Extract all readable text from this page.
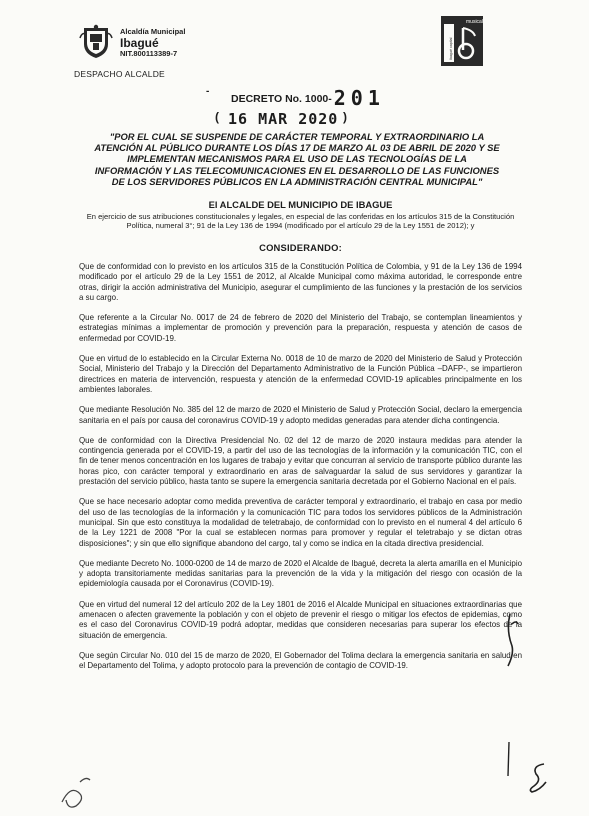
Alcaldía Municipal
Ibagué
NIT.800113389-7
DESPACHO ALCALDE
musical
Ibagué capital
-
DECRETO No. 1000- 201
( 16 MAR 2020 )
"POR EL CUAL SE SUSPENDE DE CARÁCTER TEMPORAL Y EXTRAORDINARIO LA ATENCIÓN AL PÚBLICO DURANTE LOS DÍAS 17 DE MARZO AL 03 DE ABRIL DE 2020 Y SE IMPLEMENTAN MECANISMOS PARA EL USO DE LAS TECNOLOGÍAS DE LA INFORMACIÓN Y LAS TELECOMUNICACIONES EN EL DESARROLLO DE LAS FUNCIONES DE LOS SERVIDORES PÚBLICOS EN LA ADMINISTRACIÓN CENTRAL MUNICIPAL"
El ALCALDE DEL MUNICIPIO DE IBAGUE
En ejercicio de sus atribuciones constitucionales y legales, en especial de las conferidas en los artículos 315 de la Constitución Política, numeral 3°; 91 de la Ley 136 de 1994 (modificado por el artículo 29 de la Ley 1551 de 2012); y
CONSIDERANDO:

Que de conformidad con lo previsto en los artículos 315 de la Constitución Política de Colombia, y 91 de la Ley 136 de 1994 modificado por el artículo 29 de la Ley 1551 de 2012, al Alcalde Municipal como máxima autoridad, le corresponde entre otras, dirigir la acción administrativa del Municipio, asegurar el cumplimiento de las funciones y la prestación de los servicios a su cargo.

Que referente a la Circular No. 0017 de 24 de febrero de 2020 del Ministerio del Trabajo, se contemplan lineamientos y estrategias mínimas a implementar de promoción y prevención para la preparación, respuesta y atención de casos de enfermedad por COVID-19.

Que en virtud de lo establecido en la Circular Externa No. 0018 de 10 de marzo de 2020 del Ministerio de Salud y Protección Social, Ministerio del Trabajo y la Dirección del Departamento Administrativo de la Función Pública –DAFP-, se impartieron directrices en materia de intervención, respuesta y atención de la enfermedad COVID-19 aplicables principalmente en los ambientes laborales.

Que mediante Resolución No. 385 del 12 de marzo de 2020 el Ministerio de Salud y Protección Social, declaro la emergencia sanitaria en el país por causa del coronavirus COVID-19 y adopto medidas generadas para atender dicha contingencia.

Que de conformidad con la Directiva Presidencial No. 02 del 12 de marzo de 2020 instaura medidas para atender la contingencia generada por el COVID-19, a partir del uso de las tecnologías de la información y la comunicación TIC, con el fin de tener menos concentración en los lugares de trabajo y evitar que concurran al servicio de transporte público durante las horas pico, con carácter temporal y extraordinario en aras de salvaguardar la salud de sus servidores y garantizar la prestación del servicio público, hasta tanto se supere la emergencia sanitaria decretada por el Gobierno Nacional en el país.

Que se hace necesario adoptar como medida preventiva de carácter temporal y extraordinario, el trabajo en casa por medio del uso de las tecnologías de la información y la comunicación TIC para todos los servidores públicos de la Administración municipal. Sin que esto constituya la modalidad de teletrabajo, de conformidad con lo previsto en el numeral 4 del artículo 6 de la Ley 1221 de 2008 "Por la cual se establecen normas para promover y regular el teletrabajo y se dictan otras disposiciones"; y sin que ello signifique abandono del cargo, tal y como se indica en la citada directiva presidencial.

Que mediante Decreto No. 1000-0200 de 14 de marzo de 2020 el Alcalde de Ibagué, decreta la alerta amarilla en el Municipio y adopta transitoriamente medidas sanitarias para la prevención de la vida y la mitigación del riesgo con ocasión de la epidemiología causada por el Coronavirus (COVID-19).

Que en virtud del numeral 12 del artículo 202 de la Ley 1801 de 2016 el Alcalde Municipal en situaciones extraordinarias que amenacen o afecten gravemente la población y con el objeto de prevenir el riesgo o mitigar los efectos de epidemias, como es el caso del Coronavirus COVID-19 podrá adoptar, medidas que consideren necesarias para superar los efectos de la situación de emergencia.

Que según Circular No. 010 del 15 de marzo de 2020, El Gobernador del Tolima declara la emergencia sanitaria en salud en el Departamento del Tolima, y adopto protocolo para la prevención de contagio de COVID-19.
